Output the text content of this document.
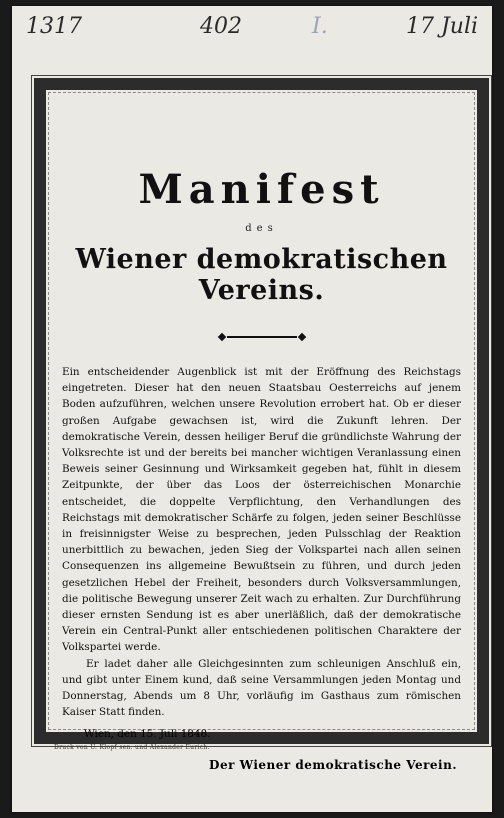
1317	402	I.	17 Juli
Manifest
des
Wiener demokratischen Vereins.

Ein entscheidender Augenblick ist mit der Eröffnung des Reichstags eingetreten. Dieser hat den neuen Staatsbau Oesterreichs auf jenem Boden aufzuführen, welchen unsere Revolution errobert hat. Ob er dieser großen Aufgabe gewachsen ist, wird die Zukunft lehren. Der demokratische Verein, dessen heiliger Beruf die gründlichste Wahrung der Volksrechte ist und der bereits bei mancher wichtigen Veranlassung einen Beweis seiner Gesinnung und Wirksamkeit gegeben hat, fühlt in diesem Zeitpunkte, der über das Loos der österreichischen Monarchie entscheidet, die doppelte Verpflichtung, den Verhandlungen des Reichstags mit demokratischer Schärfe zu folgen, jeden seiner Beschlüsse in freisinnigster Weise zu besprechen, jeden Pulsschlag der Reaktion unerbittlich zu bewachen, jeden Sieg der Volkspartei nach allen seinen Consequenzen ins allgemeine Bewußtsein zu führen, und durch jeden gesetzlichen Hebel der Freiheit, besonders durch Volksversammlungen, die politische Bewegung unserer Zeit wach zu erhalten. Zur Durchführung dieser ernsten Sendung ist es aber unerläßlich, daß der demokratische Verein ein Central-Punkt aller entschiedenen politischen Charaktere der Volkspartei werde.

Er ladet daher alle Gleichgesinnten zum schleunigen Anschluß ein, und gibt unter Einem kund, daß seine Versammlungen jeden Montag und Donnerstag, Abends um 8 Uhr, vorläufig im Gasthaus zum römischen Kaiser Statt finden.

Wien, den 15. Juli 1848.
Der Wiener demokratische Verein.
Druck von U. Klopf sen. und Alexander Eurich.
